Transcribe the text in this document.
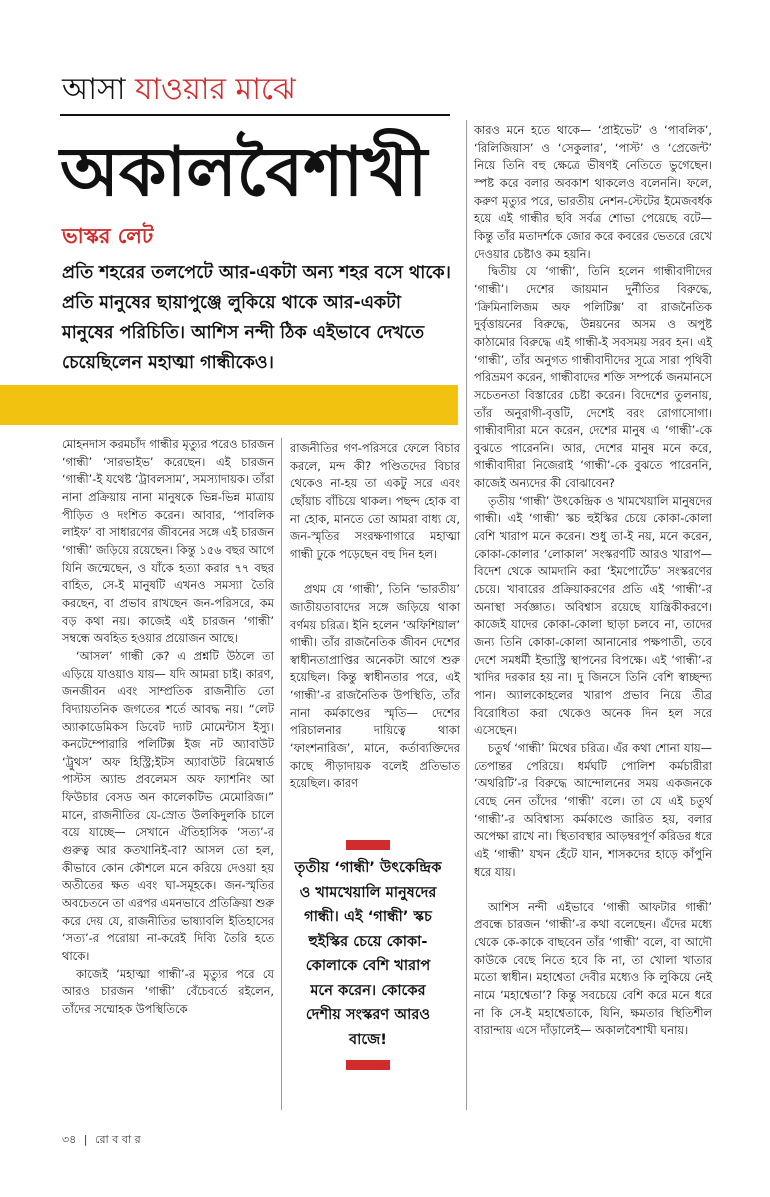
আসা যাওয়ার মাঝে
অকালবৈশাখী
ভাস্কর লেট

প্রতি শহরের তলপেটে আর-একটা অন্য শহর বসে থাকে। প্রতি মানুষের ছায়াপুঞ্জে লুকিয়ে থাকে আর-একটা মানুষের পরিচিতি। আশিস নন্দী ঠিক এইভাবে দেখতে চেয়েছিলেন মহাত্মা গান্ধীকেও।

মোহনদাস করমচাঁদ গান্ধীর মৃত্যুর পরেও চারজন ‘গান্ধী’ ‘সারভাইভ’ করেছেন। এই চারজন ‘গান্ধী’-ই যথেষ্ট ‘ট্রাবলসাম’, সমস্যাদায়ক। তাঁরা নানা প্রক্রিয়ায় নানা মানুষকে ভিন্ন-ভিন্ন মাত্রায় পীড়িত ও দংশিত করেন। আবার, ‘পাবলিক লাইফ’ বা সাধারণের জীবনের সঙ্গে এই চারজন ‘গান্ধী’ জড়িয়ে রয়েছেন। কিন্তু ১৫৬ বছর আগে যিনি জন্মেছেন, ও যাঁকে হত্যা করার ৭৭ বছর বাহিত, সে-ই মানুষটি এখনও সমস্যা তৈরি করছেন, বা প্রভাব রাখছেন জন-পরিসরে, কম বড় কথা নয়। কাজেই এই চারজন ‘গান্ধী’ সম্বন্ধে অবহিত হওয়ার প্রয়োজন আছে।

‘আসল’ গান্ধী কে? এ প্রশ্নটি উঠলে তা এড়িয়ে যাওয়াও যায়— যদি আমরা চাই। কারণ, জনজীবন এবং সাম্প্রতিক রাজনীতি তো বিদ্যায়তনিক জগতের শর্তে আবদ্ধ নয়। “লেট অ্যাকাডেমিকস ডিবেট দ্যাট মোমেন্টাস ইস্যু। কনটেম্পোরারি পলিটিক্স ইজ নট অ্যাবাউট ‘ট্রুথস’ অফ হিস্ট্রি;ইটস অ্যাবাউট রিমেম্বার্ড পাস্টস অ্যান্ড প্রবলেমস অফ ফ্যাশনিং আ ফিউচার বেসড অন কালেকটিভ মেমোরিজ।” মানে, রাজনীতির যে-স্রোত উলকিদুলকি চালে বয়ে যাচ্ছে— সেখানে ঐতিহাসিক ‘সত্য’-র গুরুত্ব আর কতখানিই-বা? আসল তো হল, কীভাবে কোন কৌশলে মনে করিয়ে দেওয়া হয় অতীতের ক্ষত এবং ঘা-সমূহকে। জন-স্মৃতির অবচেতনে তা এরপর এমনভাবে প্রতিক্রিয়া শুরু করে দেয় যে, রাজনীতির ভাষ্যাবলি ইতিহাসের ‘সত্য’-র পরোয়া না-করেই দিব্যি তৈরি হতে থাকে।

কাজেই ‘মহাত্মা গান্ধী’-র মৃত্যুর পরে যে আরও চারজন ‘গান্ধী’ বেঁচেবর্তে রইলেন, তাঁদের সম্মোহক উপস্থিতিকে

রাজনীতির গণ-পরিসরে ফেলে বিচার করলে, মন্দ কী? পণ্ডিতদের বিচার থেকেও না-হয় তা একটু সরে এবং ছোঁয়াচ বাঁচিয়ে থাকল। পছন্দ হোক বা না হোক, মানতে তো আমরা বাধ্য যে, জন-স্মৃতির সংরক্ষণাগারে মহাত্মা গান্ধী ঢুকে পড়েছেন বহু দিন হল।

প্রথম যে ‘গান্ধী’, তিনি ‘ভারতীয়’ জাতীয়তাবাদের সঙ্গে জড়িয়ে থাকা বর্ণময় চরিত্র। ইনি হলেন ‘অফিশিয়াল’ গান্ধী। তাঁর রাজনৈতিক জীবন দেশের স্বাধীনতাপ্রাপ্তির অনেকটা আগে শুরু হয়েছিল। কিন্তু স্বাধীনতার পরে, এই ‘গান্ধী’-র রাজনৈতিক উপস্থিতি, তাঁর নানা কর্মকাণ্ডের স্মৃতি— দেশের পরিচালনার দায়িত্বে থাকা ‘ফাংশনারিজ’, মানে, কর্তাব্যক্তিদের কাছে পীড়াদায়ক বলেই প্রতিভাত হয়েছিল। কারণ

তৃতীয় ‘গান্ধী’ উৎকেন্দ্রিক ও খামখেয়ালি মানুষদের গান্ধী। এই ‘গান্ধী’ স্কচ হুইস্কির চেয়ে কোকা-কোলাকে বেশি খারাপ মনে করেন। কোকের দেশীয় সংস্করণ আরও বাজে!

কারও মনে হতে থাকে— ‘প্রাইভেট’ ও ‘পাবলিক’, ‘রিলিজিয়াস’ ও ‘সেকুলার’, ‘পাস্ট’ ও ‘প্রেজেন্ট’ নিয়ে তিনি বহু ক্ষেত্রে ভীষণই নেতিতে ভুগেছেন। স্পষ্ট করে বলার অবকাশ থাকলেও বলেননি। ফলে, করুণ মৃত্যুর পরে, ভারতীয় নেশন-স্টেটের ইমেজবর্ধক হয়ে এই গান্ধীর ছবি সর্বত্র শোভা পেয়েছে বটে— কিন্তু তাঁর মতাদর্শকে জোর করে কবরের ভেতরে রেখে দেওয়ার চেষ্টাও কম হয়নি।

দ্বিতীয় যে ‘গান্ধী’, তিনি হলেন গান্ধীবাদীদের ‘গান্ধী’। দেশের জায়মান দুর্নীতির বিরুদ্ধে, ‘ক্রিমিনালিজম অফ পলিটিক্স’ বা রাজনৈতিক দুর্বৃত্তায়নের বিরুদ্ধে, উন্নয়নের অসম ও অপুষ্ট কাঠামোর বিরুদ্ধে এই গান্ধী-ই সবসময় সরব হন। এই ‘গান্ধী’, তাঁর অনুগত গান্ধীবাদীদের সূত্রে সারা পৃথিবী পরিভ্রমণ করেন, গান্ধীবাদের শক্তি সম্পর্কে জনমানসে সচেতনতা বিস্তারের চেষ্টা করেন। বিদেশের তুলনায়, তাঁর অনুরাগী-বৃত্তটি, দেশেই বরং রোগাসোগা। গান্ধীবাদীরা মনে করেন, দেশের মানুষ এ ‘গান্ধী’-কে বুঝতে পারেননি। আর, দেশের মানুষ মনে করে, গান্ধীবাদীরা নিজেরাই ‘গান্ধী’-কে বুঝতে পারেননি, কাজেই অন্যদের কী বোঝাবেন?

তৃতীয় ‘গান্ধী’ উৎকেন্দ্রিক ও খামখেয়ালি মানুষদের গান্ধী। এই ‘গান্ধী’ স্কচ হুইস্কির চেয়ে কোকা-কোলা বেশি খারাপ মনে করেন। শুধু তা-ই নয়, মনে করেন, কোকা-কোলার ‘লোকাল’ সংস্করণটি আরও খারাপ— বিদেশ থেকে আমদানি করা ‘ইমপোর্টেড’ সংস্করণের চেয়ে। খাবারের প্রক্রিয়াকরণের প্রতি এই ‘গান্ধী’-র অনাস্থা সর্বজ্ঞাত। অবিশ্বাস রয়েছে যান্ত্রিকীকরণে। কাজেই যাদের কোকা-কোলা ছাড়া চলবে না, তাদের জন্য তিনি কোকা-কোলা আনানোর পক্ষপাতী, তবে দেশে সমধর্মী ইন্ডাস্ট্রি স্থাপনের বিপক্ষে। এই ‘গান্ধী’-র খাদির দরকার হয় না। দু জিনসে তিনি বেশি স্বাচ্ছন্দ্য পান। অ্যালকোহলের খারাপ প্রভাব নিয়ে তীব্র বিরোধিতা করা থেকেও অনেক দিন হল সরে এসেছেন।

চতুর্থ ‘গান্ধী’ মিথের চরিত্র। এঁর কথা শোনা যায়— তেপান্তর পেরিয়ে। ধর্মঘটি পোলিশ কর্মচারীরা ‘অথরিটি’-র বিরুদ্ধে আন্দোলনের সময় একজনকে বেছে নেন তাঁদের ‘গান্ধী’ বলে। তা যে এই চতুর্থ ‘গান্ধী’-র অবিশ্বাস্য কর্মকাণ্ডে জারিত হয়, বলার অপেক্ষা রাখে না। স্থিতাবস্থার আড়ম্বরপূর্ণ করিডর ধরে এই ‘গান্ধী’ যখন হেঁটে যান, শাসকদের হাড়ে কাঁপুনি ধরে যায়।

আশিস নন্দী এইভাবে ‘গান্ধী আফটার গান্ধী’ প্রবন্ধে চারজন ‘গান্ধী’-র কথা বলেছেন। এঁদের মধ্যে থেকে কে-কাকে বাছবেন তাঁর ‘গান্ধী’ বলে, বা আদৌ কাউকে বেছে নিতে হবে কি না, তা খোলা খাতার মতো স্বাধীন। মহাশ্বেতা দেবীর মধ্যেও কি লুকিয়ে নেই নামে ‘মহাশ্বেতা’? কিন্তু সবচেয়ে বেশি করে মনে ধরে না কি সে-ই মহাশ্বেতাকে, যিনি, ক্ষমতার স্থিতিশীল বারান্দায় এসে দাঁড়ালেই— অকালবৈশাখী ঘনায়।

৩৪ | রো ব বা র
